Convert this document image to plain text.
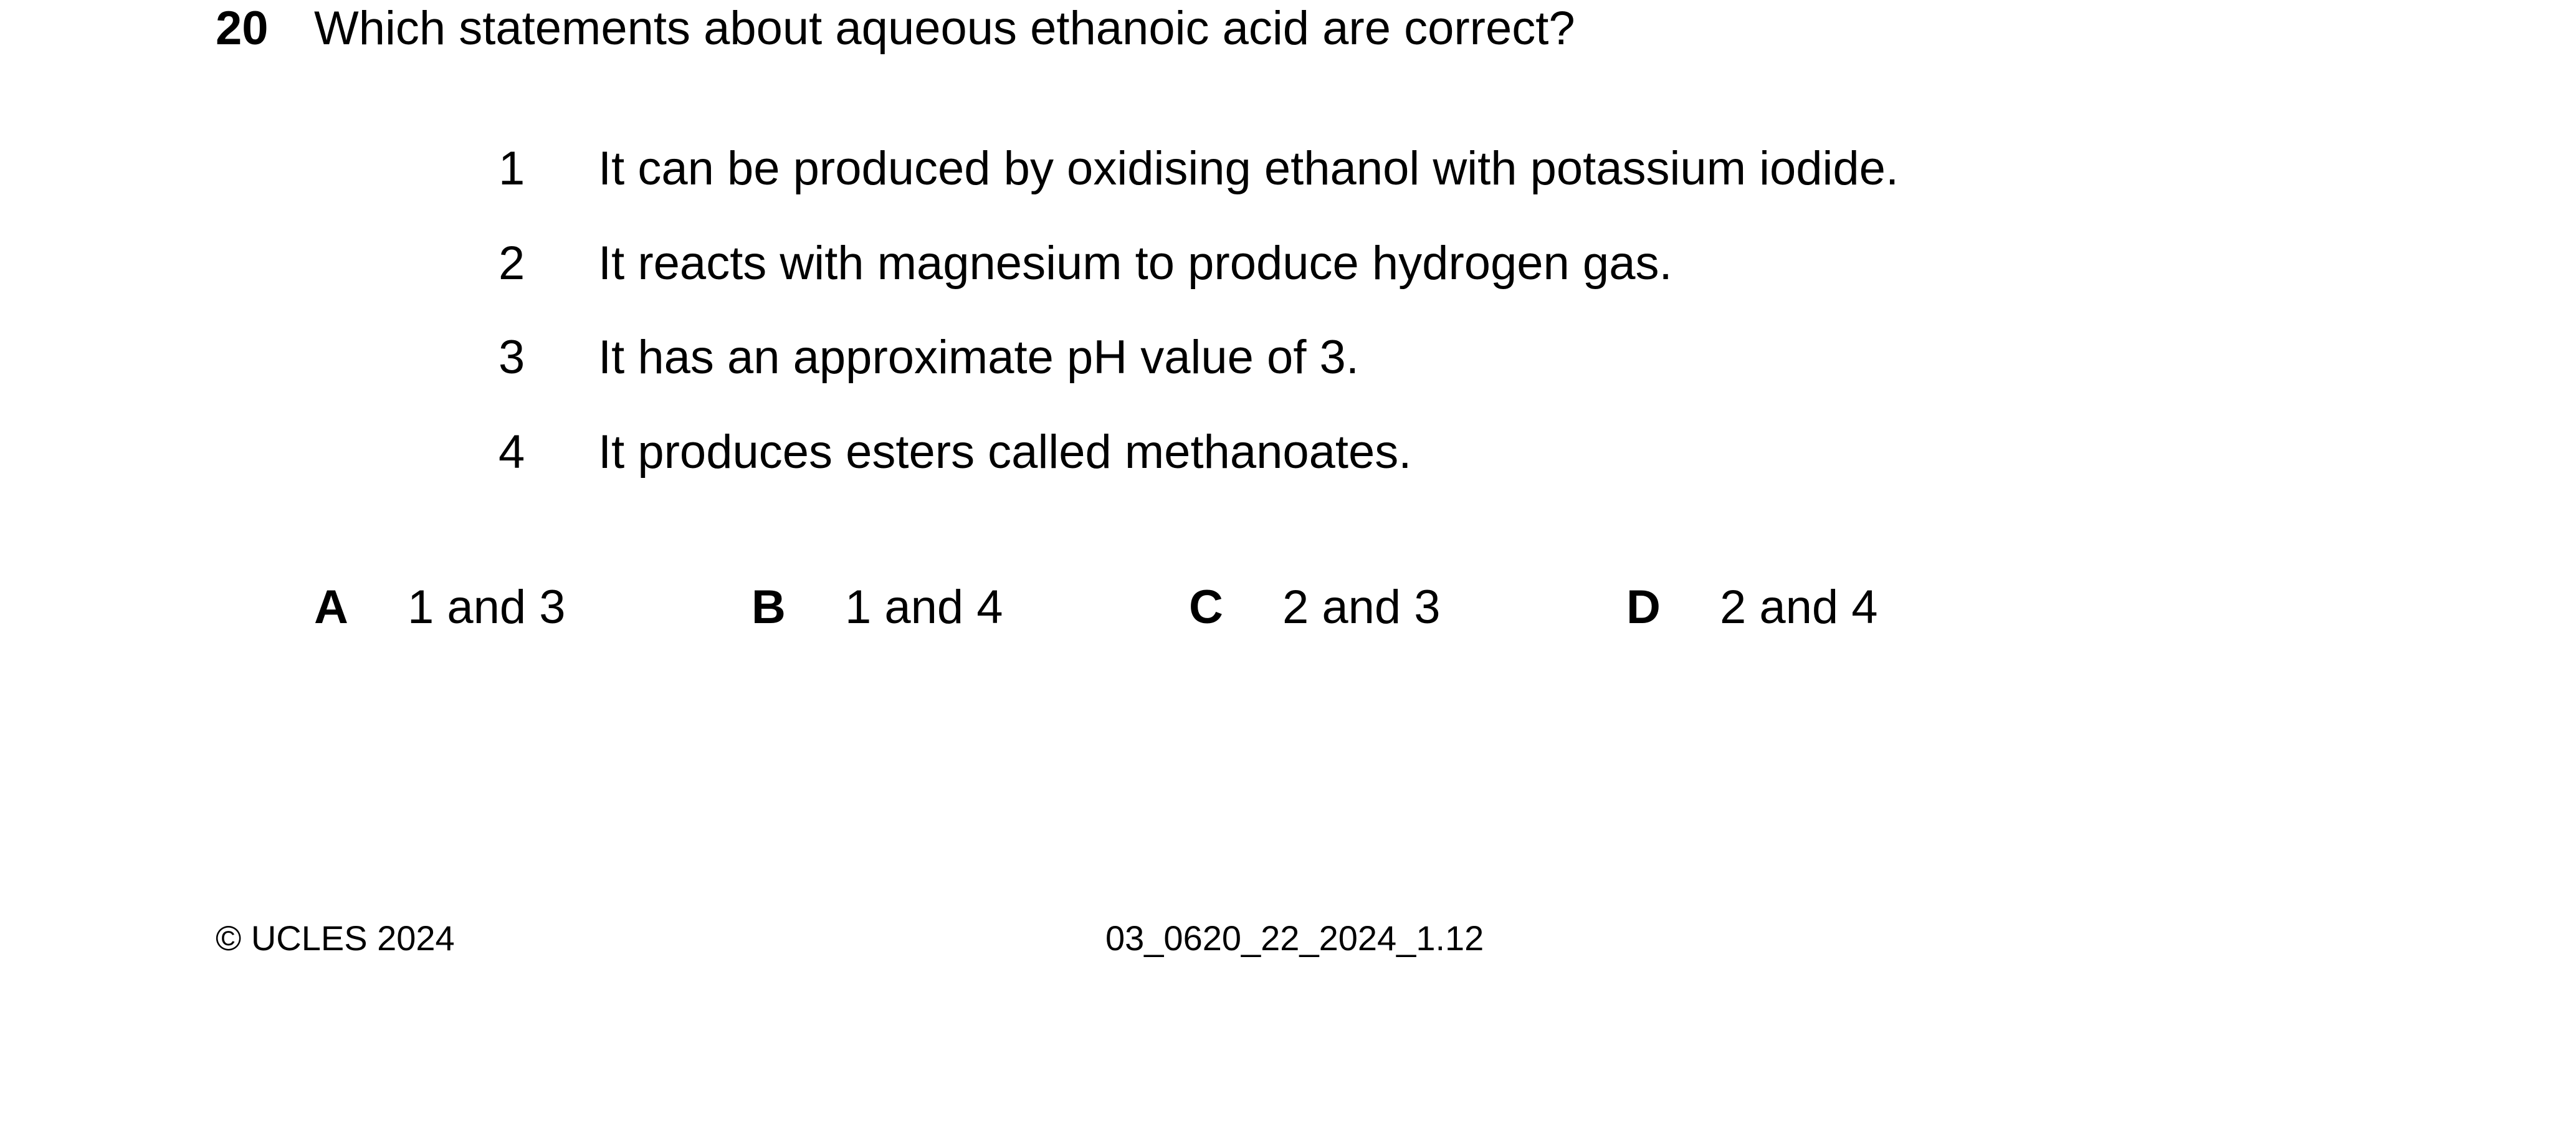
20 Which statements about aqueous ethanoic acid are correct?
1 It can be produced by oxidising ethanol with potassium iodide.
2 It reacts with magnesium to produce hydrogen gas.
3 It has an approximate pH value of 3.
4 It produces esters called methanoates.
A 1 and 3	B 1 and 4	C 2 and 3	D 2 and 4
© UCLES 2024	03_0620_22_2024_1.12
